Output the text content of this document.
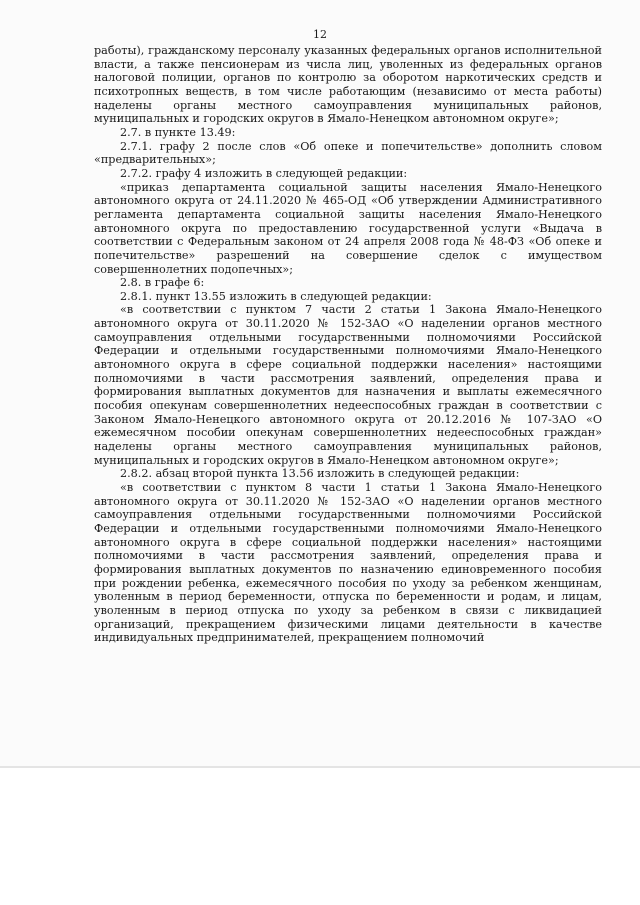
12

работы), гражданскому персоналу указанных федеральных органов исполнительной власти, а также пенсионерам из числа лиц, уволенных из федеральных органов налоговой полиции, органов по контролю за оборотом наркотических средств и психотропных веществ, в том числе работающим (независимо от места работы) наделены органы местного самоуправления муниципальных районов, муниципальных и городских округов в Ямало-Ненецком автономном округе»;

2.7. в пункте 13.49:

2.7.1. графу 2 после слов «Об опеке и попечительстве» дополнить словом «предварительных»;

2.7.2. графу 4 изложить в следующей редакции:

«приказ департамента социальной защиты населения Ямало-Ненецкого автономного округа от 24.11.2020 № 465-ОД «Об утверждении Административного регламента департамента социальной защиты населения Ямало-Ненецкого автономного округа по предоставлению государственной услуги «Выдача в соответствии с Федеральным законом от 24 апреля 2008 года № 48-ФЗ «Об опеке и попечительстве» разрешений на совершение сделок с имуществом совершеннолетних подопечных»;

2.8. в графе 6:

2.8.1. пункт 13.55 изложить в следующей редакции:

«в соответствии с пунктом 7 части 2 статьи 1 Закона Ямало-Ненецкого автономного округа от 30.11.2020 № 152-ЗАО «О наделении органов местного самоуправления отдельными государственными полномочиями Российской Федерации и отдельными государственными полномочиями Ямало-Ненецкого автономного округа в сфере социальной поддержки населения» настоящими полномочиями в части рассмотрения заявлений, определения права и формирования выплатных документов для назначения и выплаты ежемесячного пособия опекунам совершеннолетних недееспособных граждан в соответствии с Законом Ямало-Ненецкого автономного округа от 20.12.2016 № 107-ЗАО «О ежемесячном пособии опекунам совершеннолетних недееспособных граждан» наделены органы местного самоуправления муниципальных районов, муниципальных и городских округов в Ямало-Ненецком автономном округе»;

2.8.2. абзац второй пункта 13.56 изложить в следующей редакции:

«в соответствии с пунктом 8 части 1 статьи 1 Закона Ямало-Ненецкого автономного округа от 30.11.2020 № 152-ЗАО «О наделении органов местного самоуправления отдельными государственными полномочиями Российской Федерации и отдельными государственными полномочиями Ямало-Ненецкого автономного округа в сфере социальной поддержки населения» настоящими полномочиями в части рассмотрения заявлений, определения права и формирования выплатных документов по назначению единовременного пособия при рождении ребенка, ежемесячного пособия по уходу за ребенком женщинам, уволенным в период беременности, отпуска по беременности и родам, и лицам, уволенным в период отпуска по уходу за ребенком в связи с ликвидацией организаций, прекращением физическими лицами деятельности в качестве индивидуальных предпринимателей, прекращением полномочий
